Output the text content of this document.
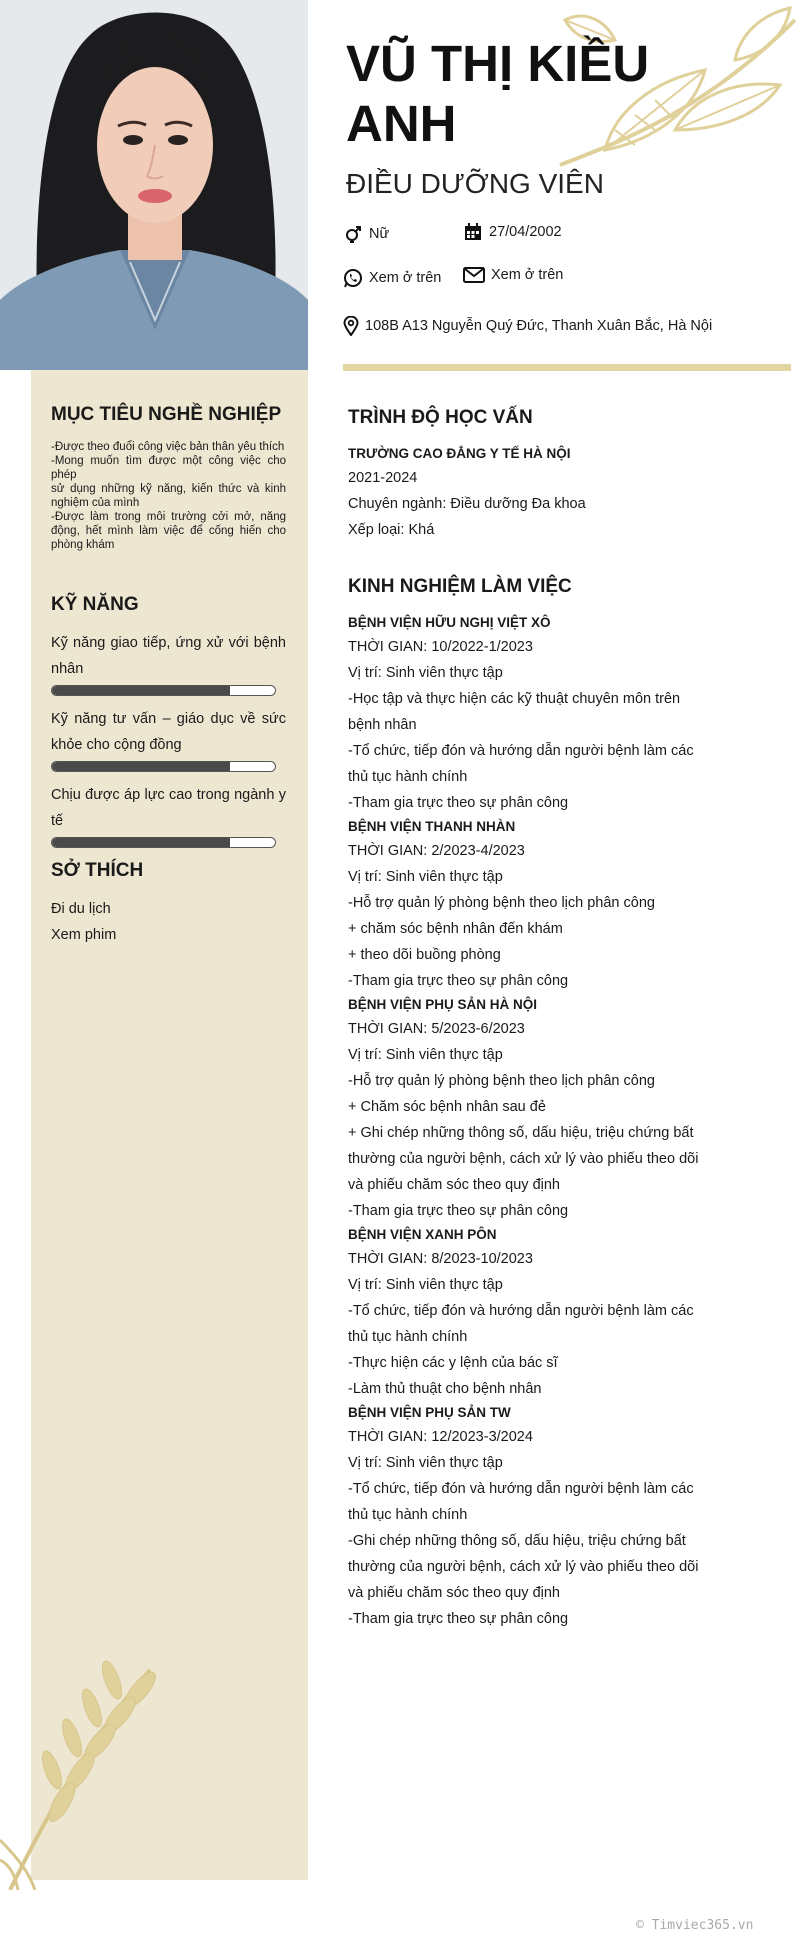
VŨ THỊ KIỀU ANH
ĐIỀU DƯỠNG VIÊN
Nữ	27/04/2002
Xem ở trên	Xem ở trên
108B A13 Nguyễn Quý Đức, Thanh Xuân Bắc, Hà Nội
MỤC TIÊU NGHỀ NGHIỆP

-Được theo đuổi công việc bản thân yêu thích

-Mong muốn tìm được một công việc cho phép

sử dụng những kỹ năng, kiến thức và kinh nghiệm của mình

-Được làm trong môi trường cởi mở, năng động, hết mình làm việc để cống hiến cho phòng khám

KỸ NĂNG
Kỹ năng giao tiếp, ứng xử với bệnh nhân
Kỹ năng tư vấn – giáo dục về sức khỏe cho cộng đồng
Chịu được áp lực cao trong ngành y tế
SỞ THÍCH
Đi du lịch
Xem phim
TRÌNH ĐỘ HỌC VẤN
TRƯỜNG CAO ĐẲNG Y TẾ HÀ NỘI
2021-2024
Chuyên ngành: Điều dưỡng Đa khoa
Xếp loại: Khá
KINH NGHIỆM LÀM VIỆC
BỆNH VIỆN HỮU NGHỊ VIỆT XÔ
THỜI GIAN: 10/2022-1/2023
Vị trí: Sinh viên thực tập
-Học tập và thực hiện các kỹ thuật chuyên môn trên bệnh nhân
-Tổ chức, tiếp đón và hướng dẫn người bệnh làm các thủ tục hành chính
-Tham gia trực theo sự phân công
BỆNH VIỆN THANH NHÀN
THỜI GIAN: 2/2023-4/2023
Vị trí: Sinh viên thực tập
-Hỗ trợ quản lý phòng bệnh theo lịch phân công
+ chăm sóc bệnh nhân đến khám
+ theo dõi buồng phòng
-Tham gia trực theo sự phân công
BỆNH VIỆN PHỤ SẢN HÀ NỘI
THỜI GIAN: 5/2023-6/2023
Vị trí: Sinh viên thực tập
-Hỗ trợ quản lý phòng bệnh theo lịch phân công
+ Chăm sóc bệnh nhân sau đẻ
+ Ghi chép những thông số, dấu hiệu, triệu chứng bất thường của người bệnh, cách xử lý vào phiếu theo dõi và phiếu chăm sóc theo quy định
-Tham gia trực theo sự phân công
BỆNH VIỆN XANH PÔN
THỜI GIAN: 8/2023-10/2023
Vị trí: Sinh viên thực tập
-Tổ chức, tiếp đón và hướng dẫn người bệnh làm các thủ tục hành chính
-Thực hiện các y lệnh của bác sĩ
-Làm thủ thuật cho bệnh nhân
BỆNH VIỆN PHỤ SẢN TW
THỜI GIAN: 12/2023-3/2024
Vị trí: Sinh viên thực tập
-Tổ chức, tiếp đón và hướng dẫn người bệnh làm các thủ tục hành chính
-Ghi chép những thông số, dấu hiệu, triệu chứng bất thường của người bệnh, cách xử lý vào phiếu theo dõi và phiếu chăm sóc theo quy định
-Tham gia trực theo sự phân công
© Timviec365.vn
